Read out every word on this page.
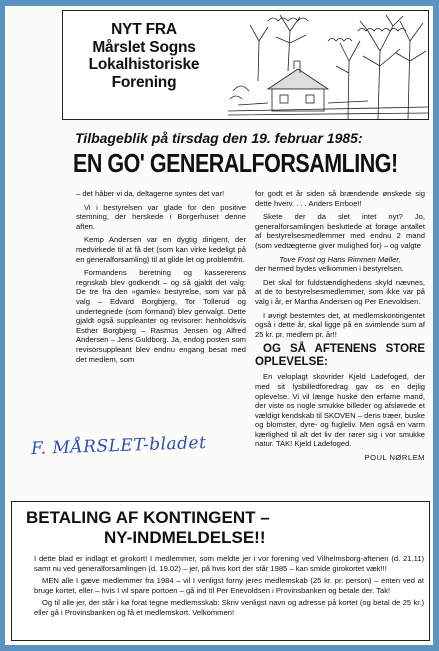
NYT FRA
Mårslet Sogns
Lokalhistoriske
Forening
Tilbageblik på tirsdag den 19. februar 1985:
EN GO' GENERALFORSAMLING!

– det håber vi da, deltagerne syntes det var!

Vi i bestyrelsen var glade for den positive stemning, der herskede i Borgerhuset denne aften.

Kemp Andersen var en dygtig dirigent, der medvirkede til at få det (som kan virke kedeligt på en generalforsamling) til at glide let og problemfrit.

Formandens beretning og kassererens regnskab blev godkendt – og så gjaldt det valg: De tre fra den »gamle« bestyrelse, som var på valg – Edvard Borgbjerg, Tor Tollerud og undertegnede (som formand) blev genvalgt. Dette gjaldt også suppleanter og revisorer: henholdsvis Esther Borgbjerg – Rasmus Jensen og Alfred Andersen – Jens Guldborg. Ja, endog posten som revisorsuppleant blev endnu engang besat med det medlem, som

for godt et år siden så brændende ønskede sig dette hverv. . . . Anders Errboe!!

Skete der da slet intet nyt? Jo, generalforsamlingen besluttede at forøge antallet af bestyrelsesmedlemmer med endnu 2 mand (som vedtægterne giver mulighed for) – og valgte

Tove Frost og Hans Rimmen Møller,

der hermed bydes velkommen i bestyrelsen.

Det skal for fuldstændighedens skyld nævnes, at de to bestyrelsesmedlemmer, som ikke var på valg i år, er Martha Andersen og Per Enevoldsen.

I øvrigt bestemtes det, at medlemskontingentet også i dette år, skal ligge på en svimlende sum af 25 kr. pr. medlem pr. år!!

OG SÅ AFTENENS STORE OPLEVELSE:

En veloplagt skovrider Kjeld Ladefoged, der med sit lysbilledforedrag gav os en dejlig oplevelse. Vi vil længe huske den erfarne mand, der viste os nogle smukke billeder og afslørede et vældigt kendskab til SKOVEN – dens træer, buske og blomster, dyre- og fugleliv. Men også en varm kærlighed til alt det liv der rører sig i vor smukke natur. TAK! Kjeld Ladefoged.

POUL NØRLEM
F. MÅRSLET-bladet
BETALING AF KONTINGENT –
NY-INDMELDELSE!!

I dette blad er indlagt et girokort! I medlemmer, som meldte jer i vor forening ved Vilhelmsborg-aftenen (d. 21.11) samt nu ved generalforsamlingen (d. 19.02) – jer, på hvis kort der står 1985 – kan smide girokortet væk!!!

MEN alle I gæve medlemmer fra 1984 – vil I venligst forny jeres medlemskab (25 kr. pr. person) – enten ved at bruge kortet, eller – hvis I vil spare portoen – gå ind til Per Enevoldsen i Provinsbanken og betale der. Tak!

Og til alle jer, der står i kø forat tegne medlemsskab: Skriv venligst navn og adresse på kortet (og betal de 25 kr.) eller gå i Provinsbanken og få et medlemskort. Velkommen!
